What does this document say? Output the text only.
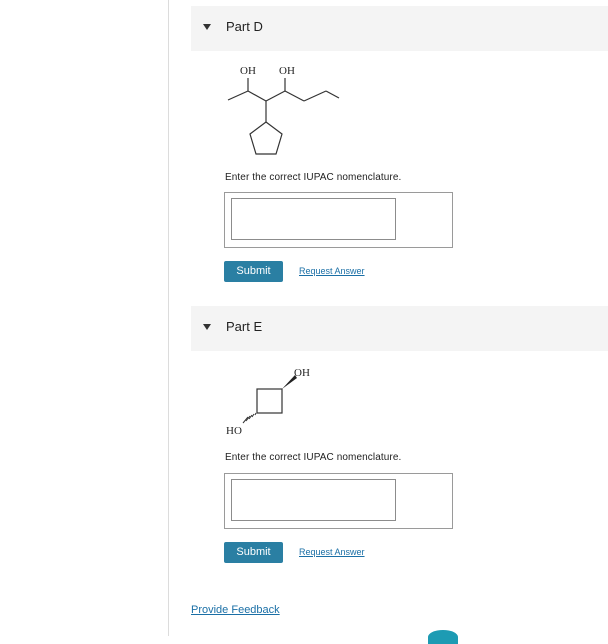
Part D
OH OH
Enter the correct IUPAC nomenclature.
Submit	Request Answer
Part E
OH
HO
Enter the correct IUPAC nomenclature.
Submit	Request Answer
Provide Feedback
